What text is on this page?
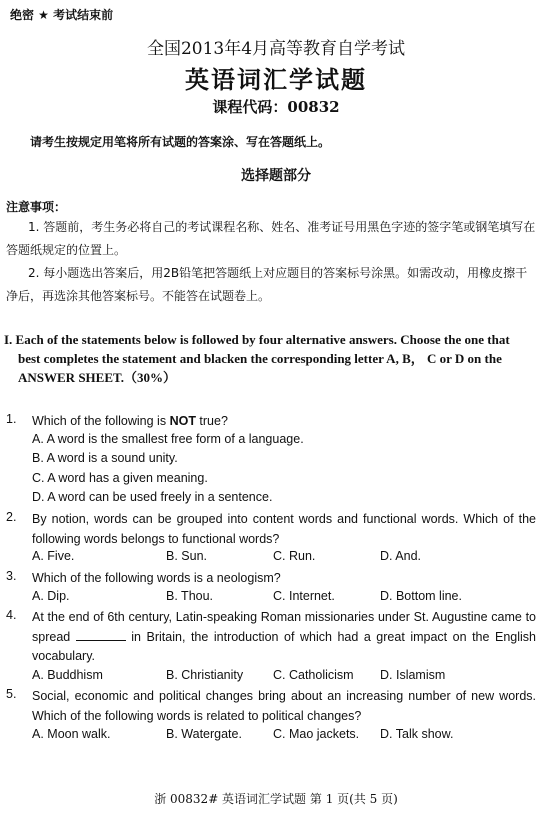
绝密 ★ 考试结束前
全国2013年4月高等教育自学考试
英语词汇学试题
课程代码：00832
请考生按规定用笔将所有试题的答案涂、写在答题纸上。
选择题部分
注意事项：
1. 答题前，考生务必将自己的考试课程名称、姓名、准考证号用黑色字迹的签字笔或钢笔填写在答题纸规定的位置上。
2. 每小题选出答案后，用2B铅笔把答题纸上对应题目的答案标号涂黑。如需改动，用橡皮擦干净后，再选涂其他答案标号。不能答在试题卷上。
I. Each of the statements below is followed by four alternative answers. Choose the one that
best completes the statement and blacken the corresponding letter A, B， C or D on the
ANSWER SHEET.（30%）
1. Which of the following is NOT true?
A. A word is the smallest free form of a language.
B. A word is a sound unity.
C. A word has a given meaning.
D. A word can be used freely in a sentence.
2. By notion, words can be grouped into content words and functional words. Which of the following words belongs to functional words?
A. Five.	B. Sun.	C. Run.	D. And.
3. Which of the following words is a neologism?
A. Dip.	B. Thou.	C. Internet.	D. Bottom line.
4. At the end of 6th century, Latin-speaking Roman missionaries under St. Augustine came to spread	in Britain, the introduction of which had a great impact on the English vocabulary.
A. Buddhism	B. Christianity C. Catholicism D. Islamism
5. Social, economic and political changes bring about an increasing number of new words. Which of the following words is related to political changes?
A. Moon walk.	B. Watergate. C. Mao jackets. D. Talk show.
浙 00832# 英语词汇学试题 第 1 页(共 5 页)
